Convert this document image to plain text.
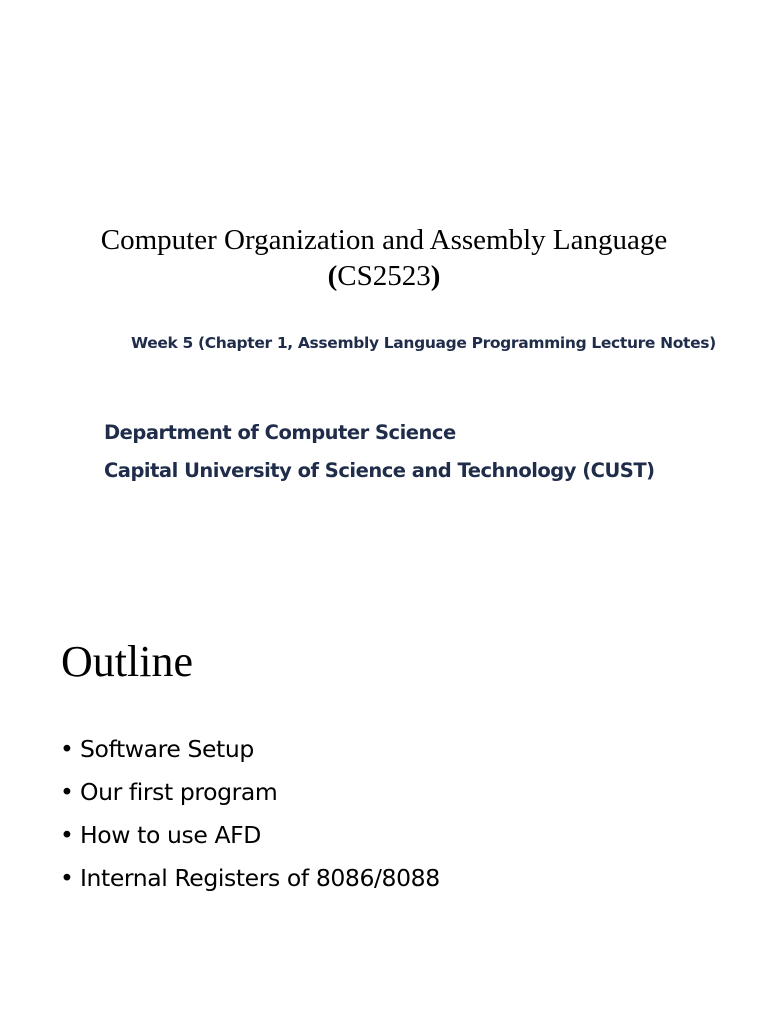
Computer Organization and Assembly Language
(CS2523)
Week 5 (Chapter 1, Assembly Language Programming Lecture Notes)
Department of Computer Science
Capital University of Science and Technology (CUST)
Outline
• Software Setup
• Our first program
• How to use AFD
• Internal Registers of 8086/8088
